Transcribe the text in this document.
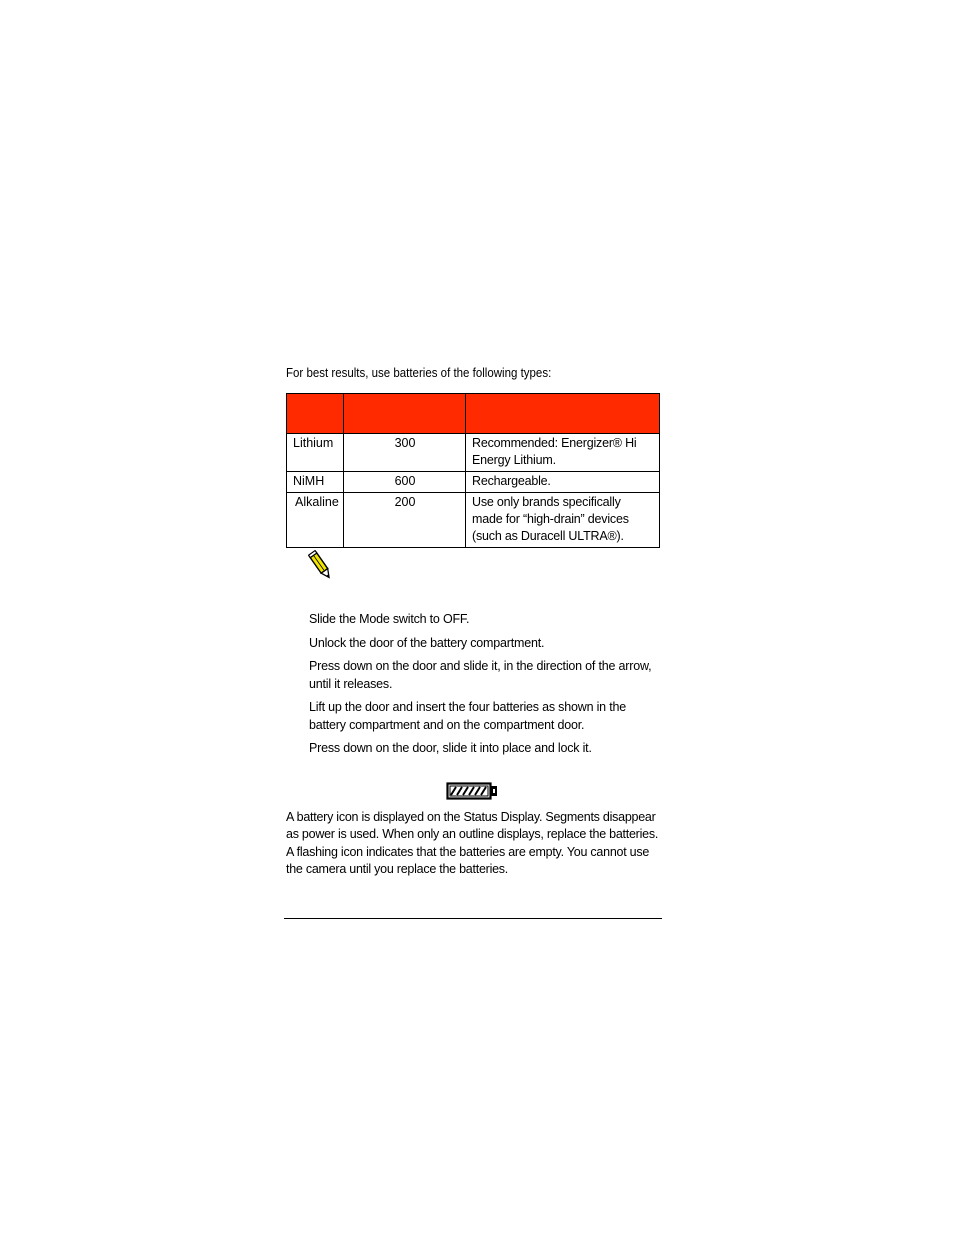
For best results, use batteries of the following types:

Lithium	300	Recommended: Energizer® Hi Energy Lithium.
NiMH	600	Rechargeable.
Alkaline	200	Use only brands specifically made for “high-drain” devices (such as Duracell ULTRA®).
Slide the Mode switch to OFF.
Unlock the door of the battery compartment.
Press down on the door and slide it, in the direction of the arrow, until it releases.
Lift up the door and insert the four batteries as shown in the battery compartment and on the compartment door.
Press down on the door, slide it into place and lock it.

A battery icon is displayed on the Status Display. Segments disappear as power is used. When only an outline displays, replace the batteries. A flashing icon indicates that the batteries are empty. You cannot use the camera until you replace the batteries.
